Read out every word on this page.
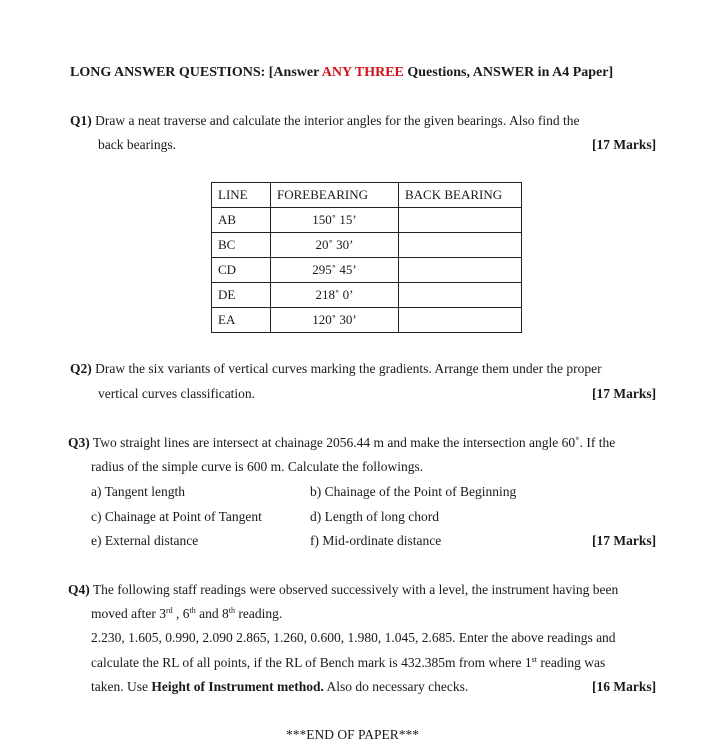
LONG ANSWER QUESTIONS: [Answer ANY THREE Questions, ANSWER in A4 Paper]
Q1) Draw a neat traverse and calculate the interior angles for the given bearings. Also find the
back bearings.	[17 Marks]
LINE	FOREBEARING	BACK BEARING
AB	150˚ 15’	
BC	20˚ 30’	
CD	295˚ 45’	
DE	218˚ 0’	
EA	120˚ 30’	
Q2) Draw the six variants of vertical curves marking the gradients. Arrange them under the proper
vertical curves classification.	[17 Marks]
Q3) Two straight lines are intersect at chainage 2056.44 m and make the intersection angle 60˚. If the
radius of the simple curve is 600 m. Calculate the followings.
a) Tangent length	b) Chainage of the Point of Beginning
c) Chainage at Point of Tangent	d) Length of long chord
e) External distance	f) Mid-ordinate distance	[17 Marks]
Q4) The following staff readings were observed successively with a level, the instrument having been
moved after 3rd , 6th and 8th reading.
2.230, 1.605, 0.990, 2.090 2.865, 1.260, 0.600, 1.980, 1.045, 2.685. Enter the above readings and
calculate the RL of all points, if the RL of Bench mark is 432.385m from where 1st reading was
taken. Use Height of Instrument method. Also do necessary checks.	[16 Marks]
***END OF PAPER***
